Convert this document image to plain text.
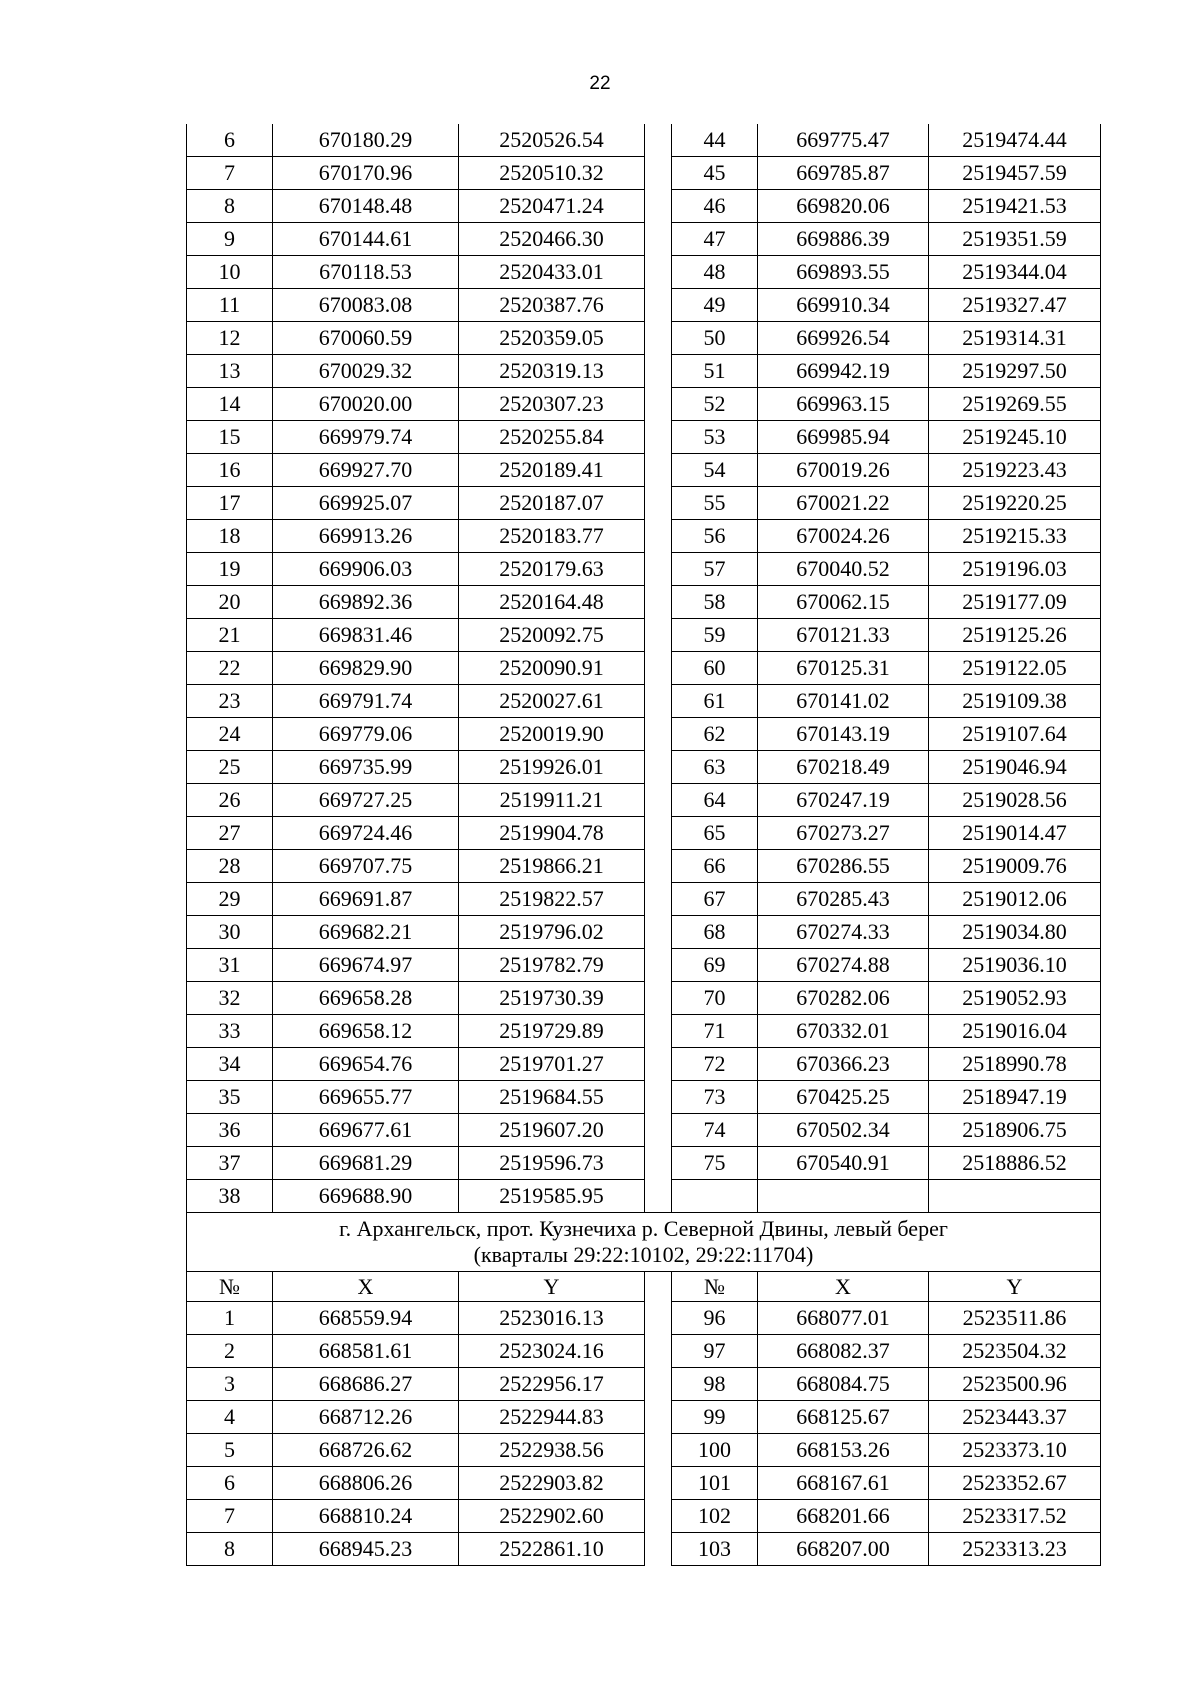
22
6	670180.29	2520526.54		44	669775.47	2519474.44
7	670170.96	2520510.32		45	669785.87	2519457.59
8	670148.48	2520471.24		46	669820.06	2519421.53
9	670144.61	2520466.30		47	669886.39	2519351.59
10	670118.53	2520433.01		48	669893.55	2519344.04
11	670083.08	2520387.76		49	669910.34	2519327.47
12	670060.59	2520359.05		50	669926.54	2519314.31
13	670029.32	2520319.13		51	669942.19	2519297.50
14	670020.00	2520307.23		52	669963.15	2519269.55
15	669979.74	2520255.84		53	669985.94	2519245.10
16	669927.70	2520189.41		54	670019.26	2519223.43
17	669925.07	2520187.07		55	670021.22	2519220.25
18	669913.26	2520183.77		56	670024.26	2519215.33
19	669906.03	2520179.63		57	670040.52	2519196.03
20	669892.36	2520164.48		58	670062.15	2519177.09
21	669831.46	2520092.75		59	670121.33	2519125.26
22	669829.90	2520090.91		60	670125.31	2519122.05
23	669791.74	2520027.61		61	670141.02	2519109.38
24	669779.06	2520019.90		62	670143.19	2519107.64
25	669735.99	2519926.01		63	670218.49	2519046.94
26	669727.25	2519911.21		64	670247.19	2519028.56
27	669724.46	2519904.78		65	670273.27	2519014.47
28	669707.75	2519866.21		66	670286.55	2519009.76
29	669691.87	2519822.57		67	670285.43	2519012.06
30	669682.21	2519796.02		68	670274.33	2519034.80
31	669674.97	2519782.79		69	670274.88	2519036.10
32	669658.28	2519730.39		70	670282.06	2519052.93
33	669658.12	2519729.89		71	670332.01	2519016.04
34	669654.76	2519701.27		72	670366.23	2518990.78
35	669655.77	2519684.55		73	670425.25	2518947.19
36	669677.61	2519607.20		74	670502.34	2518906.75
37	669681.29	2519596.73		75	670540.91	2518886.52
38	669688.90	2519585.95				

г. Архангельск, прот. Кузнечиха р. Северной Двины, левый берег
(кварталы 29:22:10102, 29:22:11704)						

№	X	Y		№	X	Y
1	668559.94	2523016.13		96	668077.01	2523511.86
2	668581.61	2523024.16		97	668082.37	2523504.32
3	668686.27	2522956.17		98	668084.75	2523500.96
4	668712.26	2522944.83		99	668125.67	2523443.37
5	668726.62	2522938.56		100	668153.26	2523373.10
6	668806.26	2522903.82		101	668167.61	2523352.67
7	668810.24	2522902.60		102	668201.66	2523317.52
8	668945.23	2522861.10		103	668207.00	2523313.23
